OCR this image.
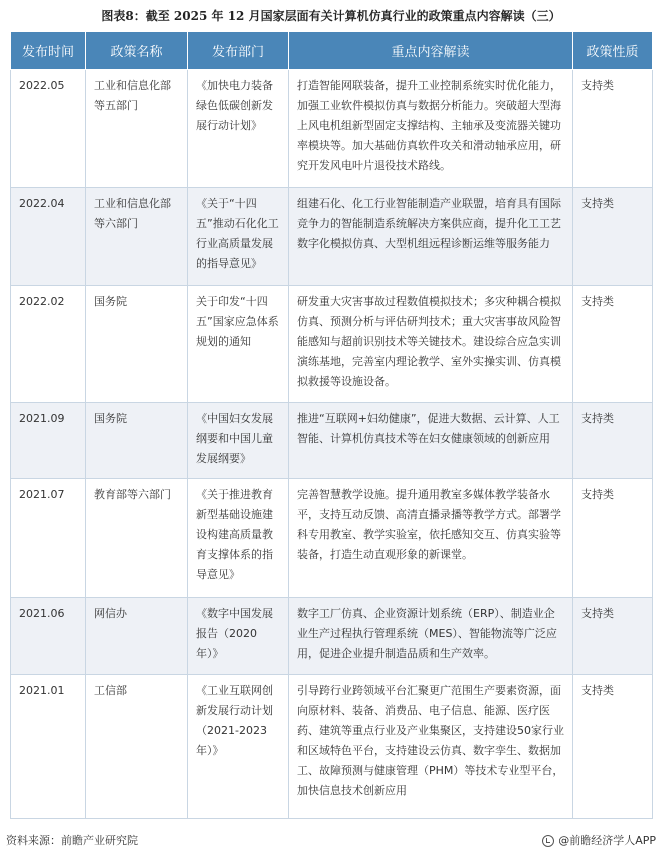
图表8：截至 2025 年 12 月国家层面有关计算机仿真行业的政策重点内容解读（三）
发布时间	政策名称	发布部门	重点内容解读	政策性质
2022.05	工业和信息化部等五部门	《加快电力装备绿色低碳创新发展行动计划》	打造智能网联装备，提升工业控制系统实时优化能力，加强工业软件模拟仿真与数据分析能力。突破超大型海上风电机组新型固定支撑结构、主轴承及变流器关键功率模块等。加大基础仿真软件攻关和滑动轴承应用，研究开发风电叶片退役技术路线。	支持类
2022.04	工业和信息化部等六部门	《关于“十四五”推动石化化工行业高质量发展的指导意见》	组建石化、化工行业智能制造产业联盟，培育具有国际竞争力的智能制造系统解决方案供应商，提升化工工艺数字化模拟仿真、大型机组远程诊断运维等服务能力	支持类
2022.02	国务院	关于印发“十四五”国家应急体系规划的通知	研发重大灾害事故过程数值模拟技术；多灾种耦合模拟仿真、预测分析与评估研判技术；重大灾害事故风险智能感知与超前识别技术等关键技术。建设综合应急实训演练基地，完善室内理论教学、室外实操实训、仿真模拟救援等设施设备。	支持类
2021.09	国务院	《中国妇女发展纲要和中国儿童发展纲要》	推进“互联网+妇幼健康”，促进大数据、云计算、人工智能、计算机仿真技术等在妇女健康领域的创新应用	支持类
2021.07	教育部等六部门	《关于推进教育新型基础设施建设构建高质量教育支撑体系的指导意见》	完善智慧教学设施。提升通用教室多媒体教学装备水平，支持互动反馈、高清直播录播等教学方式。部署学科专用教室、教学实验室，依托感知交互、仿真实验等装备，打造生动直观形象的新课堂。	支持类
2021.06	网信办	《数字中国发展报告（2020 年）》	数字工厂仿真、企业资源计划系统（ERP）、制造业企业生产过程执行管理系统（MES）、智能物流等广泛应用，促进企业提升制造品质和生产效率。	支持类
2021.01	工信部	《工业互联网创新发展行动计划（2021-2023年）》	引导跨行业跨领域平台汇聚更广范围生产要素资源，面向原材料、装备、消费品、电子信息、能源、医疗医药、建筑等重点行业及产业集聚区，支持建设50家行业和区域特色平台，支持建设云仿真、数字孪生、数据加工、故障预测与健康管理（PHM）等技术专业型平台，加快信息技术创新应用	支持类
资料来源：前瞻产业研究院	@前瞻经济学人APP
